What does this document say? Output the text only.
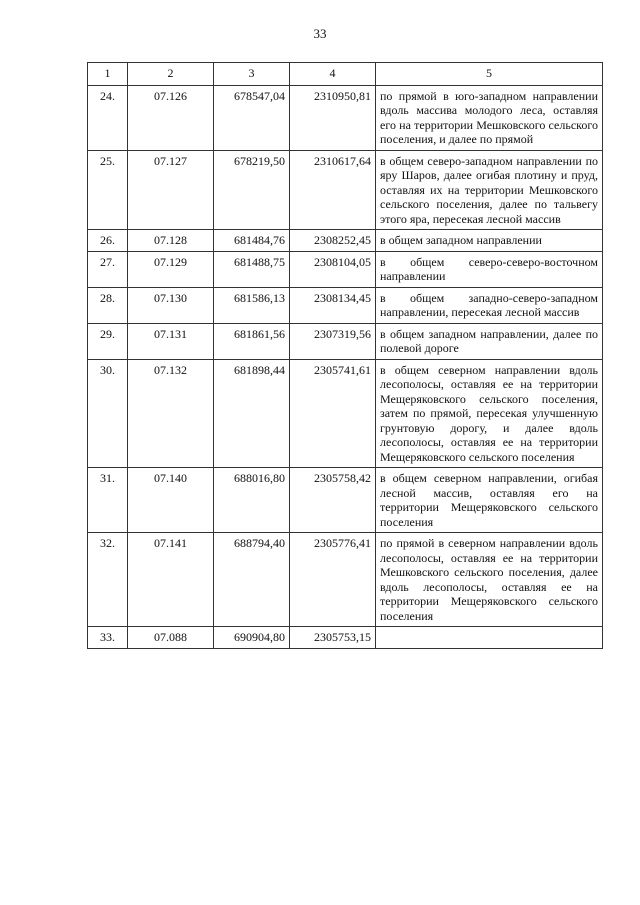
33
1	2	3	4	5
24.	07.126	678547,04	2310950,81	по прямой в юго-западном направлении вдоль массива молодого леса, оставляя его на территории Мешковского сельского поселения, и далее по прямой
25.	07.127	678219,50	2310617,64	в общем северо-западном направлении по яру Шаров, далее огибая плотину и пруд, оставляя их на территории Мешковского сельского поселения, далее по тальвегу этого яра, пересекая лесной массив
26.	07.128	681484,76	2308252,45	в общем западном направлении
27.	07.129	681488,75	2308104,05	в общем северо-северо-восточном направлении
28.	07.130	681586,13	2308134,45	в общем западно-северо-западном направлении, пересекая лесной массив
29.	07.131	681861,56	2307319,56	в общем западном направлении, далее по полевой дороге
30.	07.132	681898,44	2305741,61	в общем северном направлении вдоль лесополосы, оставляя ее на территории Мещеряковского сельского поселения, затем по прямой, пересекая улучшенную грунтовую дорогу, и далее вдоль лесополосы, оставляя ее на территории Мещеряковского сельского поселения
31.	07.140	688016,80	2305758,42	в общем северном направлении, огибая лесной массив, оставляя его на территории Мещеряковского сельского поселения
32.	07.141	688794,40	2305776,41	по прямой в северном направлении вдоль лесополосы, оставляя ее на территории Мешковского сельского поселения, далее вдоль лесополосы, оставляя ее на территории Мещеряковского сельского поселения
33.	07.088	690904,80	2305753,15	
